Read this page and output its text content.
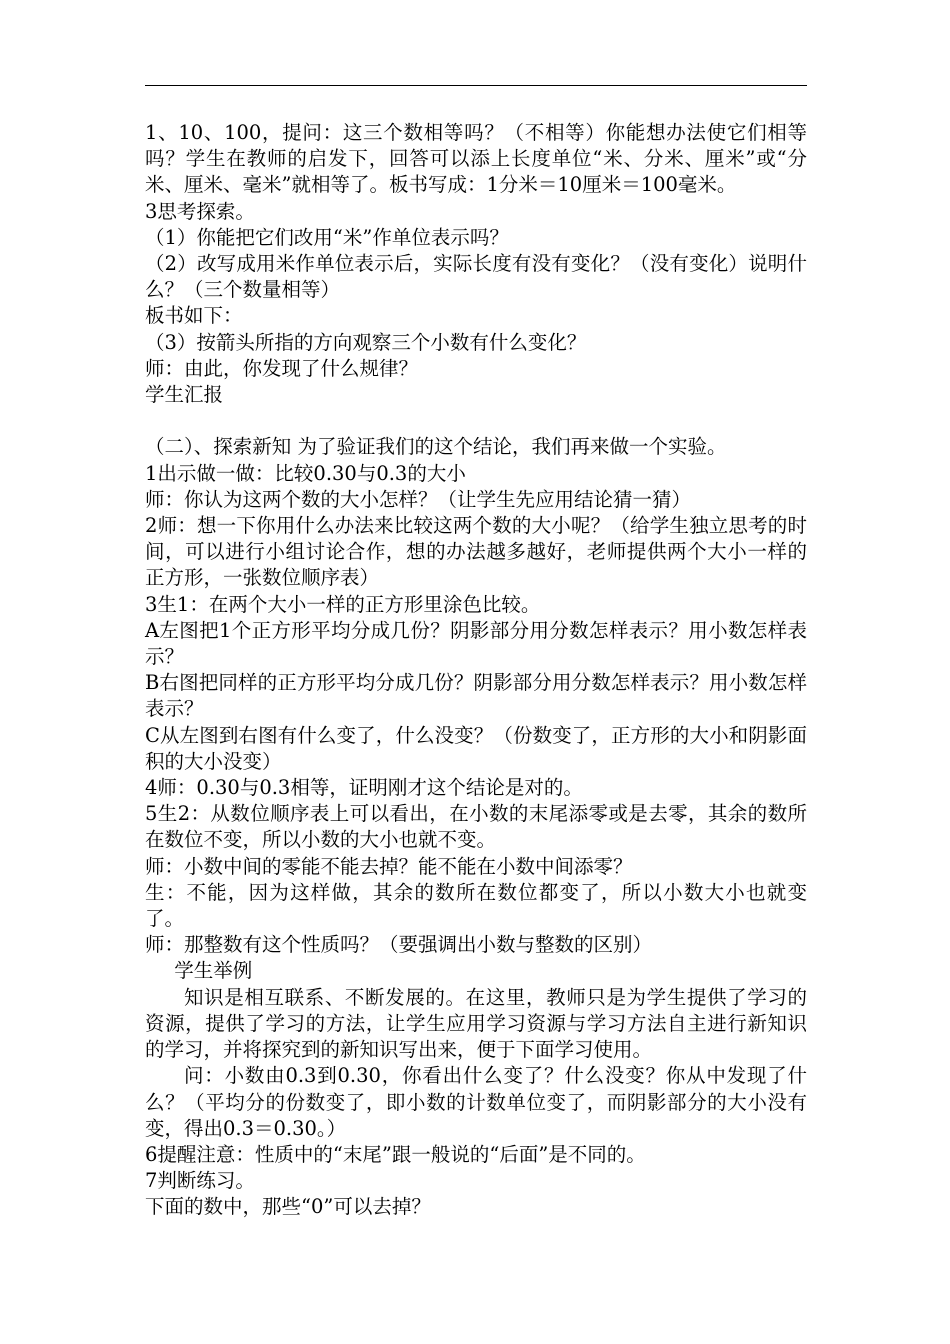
1、10、100，提问：这三个数相等吗？（不相等）你能想办法使它们相等吗？学生在教师的启发下，回答可以添上长度单位“米、分米、厘米”或“分米、厘米、毫米”就相等了。板书写成：1分米＝10厘米＝100毫米。

3思考探索。

（1）你能把它们改用“米”作单位表示吗？

（2）改写成用米作单位表示后，实际长度有没有变化？（没有变化）说明什么？（三个数量相等）

板书如下：

（3）按箭头所指的方向观察三个小数有什么变化？

师：由此，你发现了什么规律？

学生汇报

（二）、探索新知 为了验证我们的这个结论，我们再来做一个实验。

1出示做一做：比较0.30与0.3的大小

师：你认为这两个数的大小怎样？（让学生先应用结论猜一猜）

2师：想一下你用什么办法来比较这两个数的大小呢？（给学生独立思考的时间，可以进行小组讨论合作，想的办法越多越好，老师提供两个大小一样的正方形，一张数位顺序表）

3生1：在两个大小一样的正方形里涂色比较。

A左图把1个正方形平均分成几份？阴影部分用分数怎样表示？用小数怎样表示？

B右图把同样的正方形平均分成几份？阴影部分用分数怎样表示？用小数怎样表示？

C从左图到右图有什么变了，什么没变？（份数变了，正方形的大小和阴影面积的大小没变）

4师：0.30与0.3相等，证明刚才这个结论是对的。

5生2：从数位顺序表上可以看出，在小数的末尾添零或是去零，其余的数所在数位不变，所以小数的大小也就不变。

师：小数中间的零能不能去掉？能不能在小数中间添零？

生：不能，因为这样做，其余的数所在数位都变了，所以小数大小也就变了。

师：那整数有这个性质吗？（要强调出小数与整数的区别）

学生举例

知识是相互联系、不断发展的。在这里，教师只是为学生提供了学习的资源，提供了学习的方法，让学生应用学习资源与学习方法自主进行新知识的学习，并将探究到的新知识写出来，便于下面学习使用。

问：小数由0.3到0.30，你看出什么变了？什么没变？你从中发现了什么？（平均分的份数变了，即小数的计数单位变了，而阴影部分的大小没有变，得出0.3＝0.30。）

6提醒注意：性质中的“末尾”跟一般说的“后面”是不同的。

7判断练习。

下面的数中，那些“0”可以去掉？
